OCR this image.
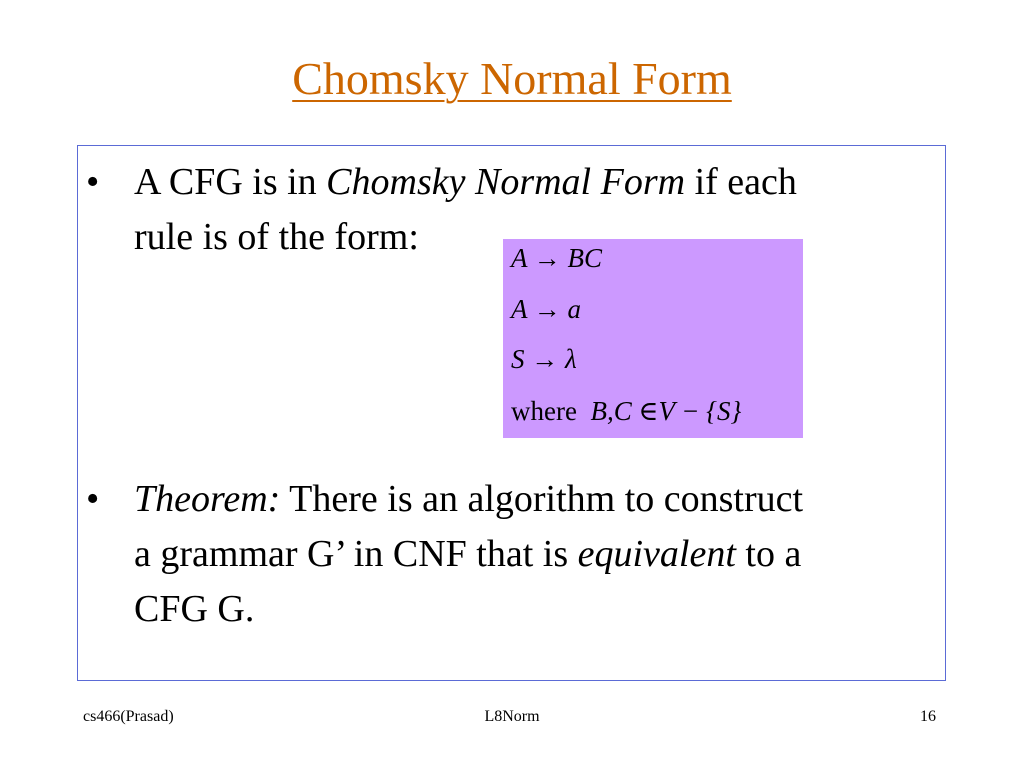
Chomsky Normal Form
• A CFG is in Chomsky Normal Form if each
rule is of the form:	A → BC
A → a
S → λ
where B,C ∈V − {S}
• Theorem: There is an algorithm to construct
a grammar G’ in CNF that is equivalent to a
CFG G.
cs466(Prasad)	L8Norm	16
